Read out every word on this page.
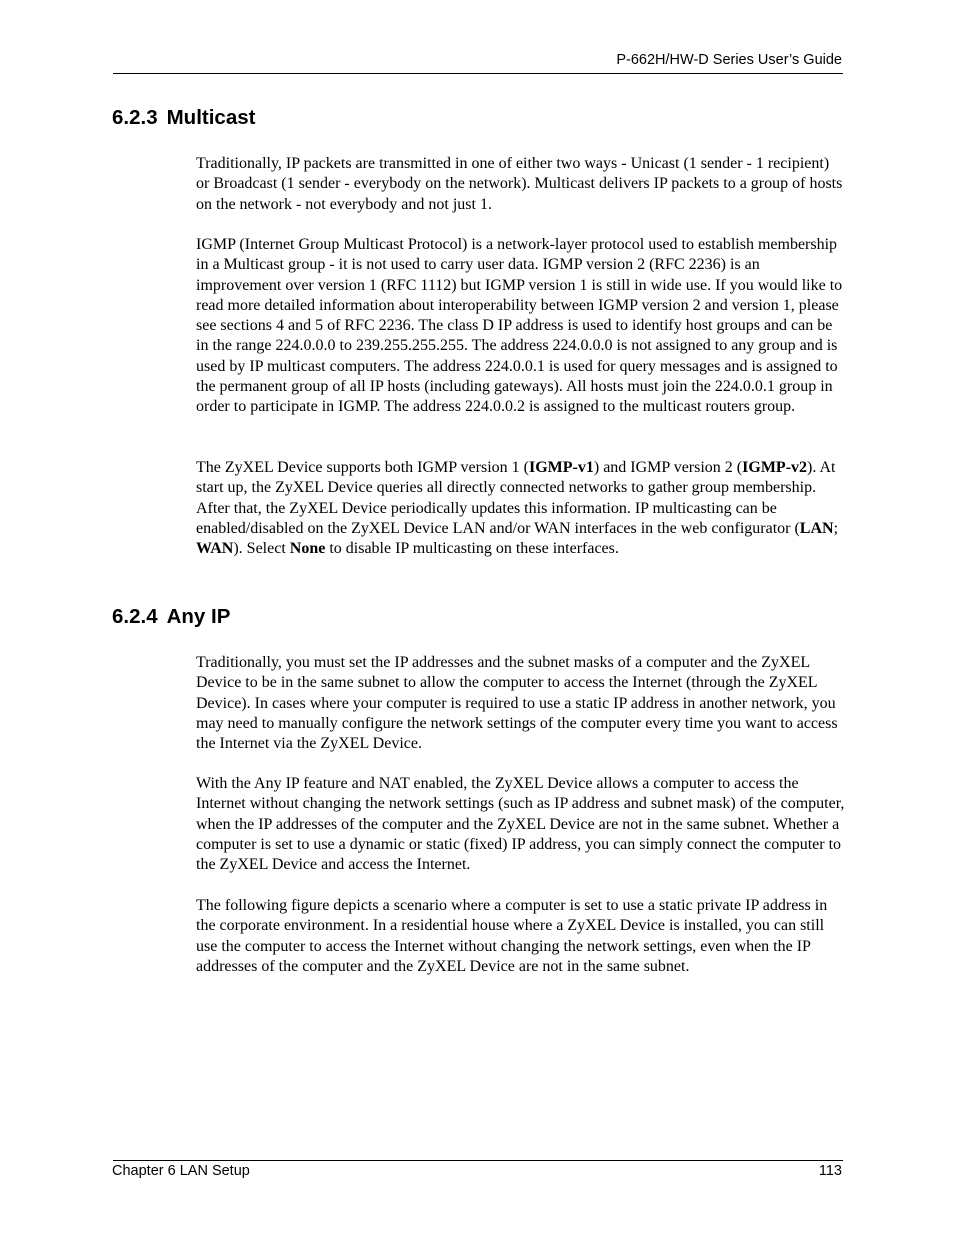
P-662H/HW-D Series User’s Guide
6.2.3 Multicast

Traditionally, IP packets are transmitted in one of either two ways - Unicast (1 sender - 1 recipient) or Broadcast (1 sender - everybody on the network). Multicast delivers IP packets to a group of hosts on the network - not everybody and not just 1.

IGMP (Internet Group Multicast Protocol) is a network-layer protocol used to establish membership in a Multicast group - it is not used to carry user data. IGMP version 2 (RFC 2236) is an improvement over version 1 (RFC 1112) but IGMP version 1 is still in wide use. If you would like to read more detailed information about interoperability between IGMP version 2 and version 1, please see sections 4 and 5 of RFC 2236. The class D IP address is used to identify host groups and can be in the range 224.0.0.0 to 239.255.255.255. The address 224.0.0.0 is not assigned to any group and is used by IP multicast computers. The address 224.0.0.1 is used for query messages and is assigned to the permanent group of all IP hosts (including gateways). All hosts must join the 224.0.0.1 group in order to participate in IGMP. The address 224.0.0.2 is assigned to the multicast routers group.

The ZyXEL Device supports both IGMP version 1 (IGMP-v1) and IGMP version 2 (IGMP-v2). At start up, the ZyXEL Device queries all directly connected networks to gather group membership. After that, the ZyXEL Device periodically updates this information. IP multicasting can be enabled/disabled on the ZyXEL Device LAN and/or WAN interfaces in the web configurator (LAN; WAN). Select None to disable IP multicasting on these interfaces.

6.2.4 Any IP

Traditionally, you must set the IP addresses and the subnet masks of a computer and the ZyXEL Device to be in the same subnet to allow the computer to access the Internet (through the ZyXEL Device). In cases where your computer is required to use a static IP address in another network, you may need to manually configure the network settings of the computer every time you want to access the Internet via the ZyXEL Device.

With the Any IP feature and NAT enabled, the ZyXEL Device allows a computer to access the Internet without changing the network settings (such as IP address and subnet mask) of the computer, when the IP addresses of the computer and the ZyXEL Device are not in the same subnet. Whether a computer is set to use a dynamic or static (fixed) IP address, you can simply connect the computer to the ZyXEL Device and access the Internet.

The following figure depicts a scenario where a computer is set to use a static private IP address in the corporate environment. In a residential house where a ZyXEL Device is installed, you can still use the computer to access the Internet without changing the network settings, even when the IP addresses of the computer and the ZyXEL Device are not in the same subnet.

Chapter 6 LAN Setup	113
